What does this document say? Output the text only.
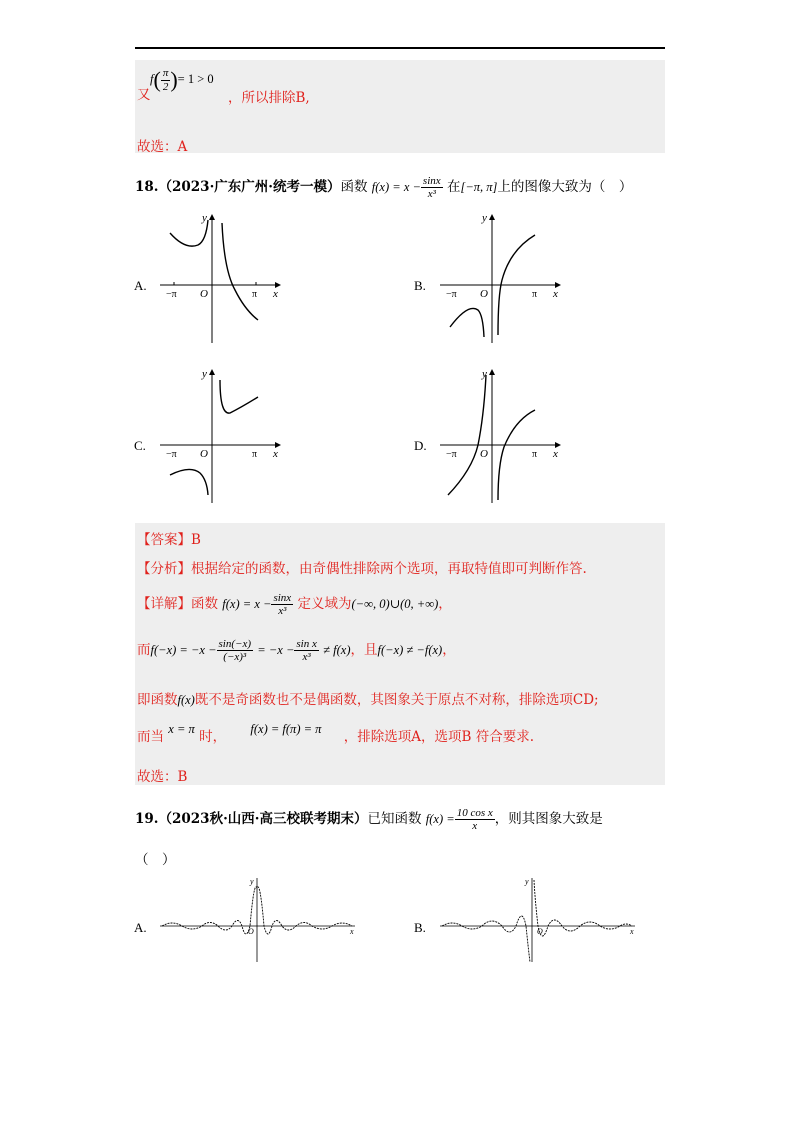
又
$f( \frac{\pi}{2}$ )= 1 > 0
，所以排除B,
故选：A
18.（2023·广东广州·统考一模）函数 $f(x) = x - \frac{\sin x}{\text{x³}}$ 在[−π, π]上的图像大致为（　）
A.
y
x
O
−π	π
B.
y
x
O
−π	π
C.
y
x
O
−π	π
D.
y
x
O
−π	π
【答案】B
【分析】根据给定的函数，由奇偶性排除两个选项，再取特值即可判断作答.
【详解】函数 $f(x) = x - \frac{\sin x}{\text{x³}}$ 定义域为(−∞, 0)∪(0, +∞)，
而$f(-x) = -x - \frac{\sin(-x)}{\text{(−x)³}} = -x - \frac{\text{sin x}}{\text{x³}} \ne f(x)$，且f(−x) ≠ −f(x)，
即函数f(x)既不是奇函数也不是偶函数，其图象关于原点不对称，排除选项CD;
而当 x = π 时， f(x) = f(π) = π ，排除选项A，选项B 符合要求.
故选：B
19.（2023秋·山西·高三校联考期末）已知函数 $f(x) = \frac{\text{10 cos x}}{x}$ ，则其图象大致是
（　）
A.
y
x
O	B.
y
x
O
